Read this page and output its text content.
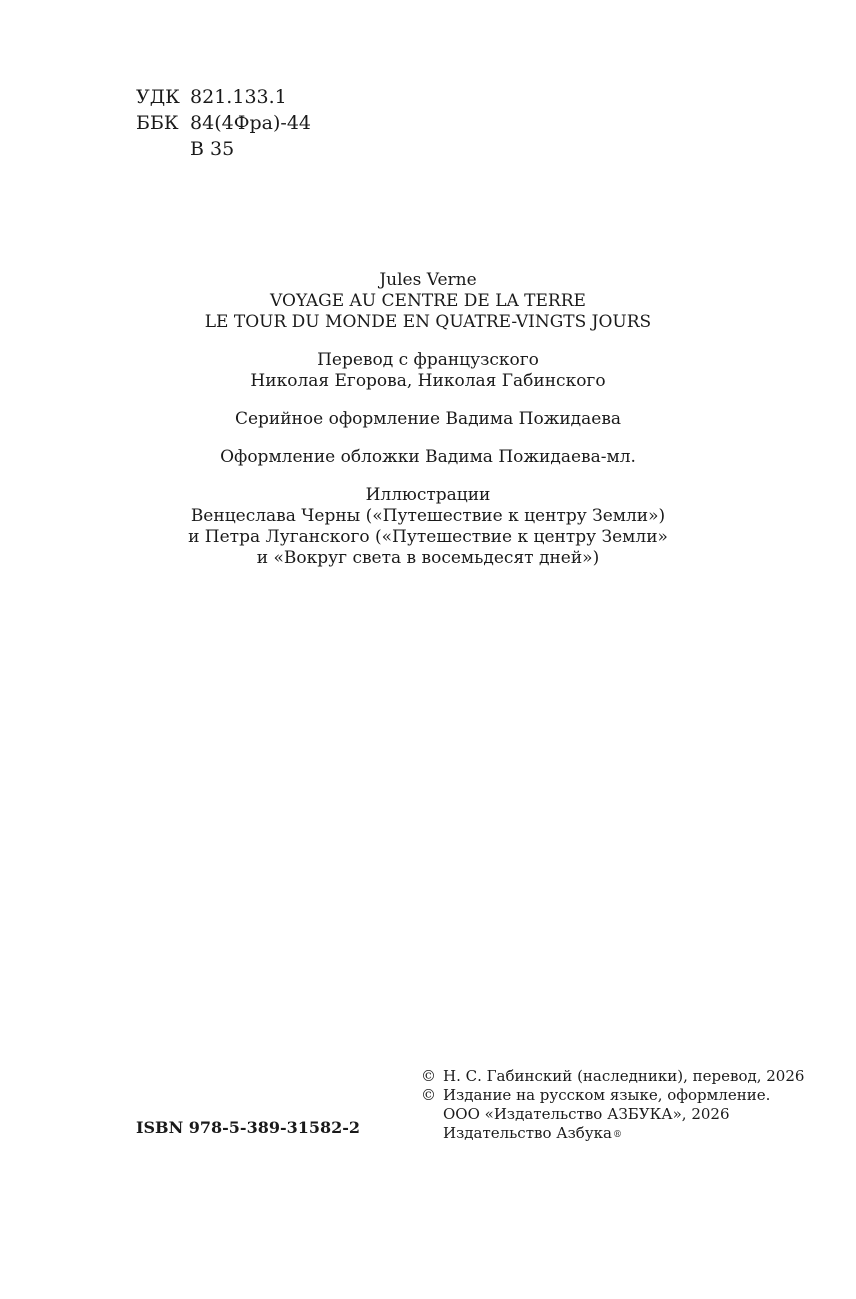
УДК 821.133.1
ББК 84(4Фра)-44
В 35
Jules Verne
VOYAGE AU CENTRE DE LA TERRE
LE TOUR DU MONDE EN QUATRE-VINGTS JOURS
Перевод с французского
Николая Егорова, Николая Габинского
Серийное оформление Вадима Пожидаева
Оформление обложки Вадима Пожидаева-мл.
Иллюстрации
Венцеслава Черны («Путешествие к центру Земли»)
и Петра Луганского («Путешествие к центру Земли»
и «Вокруг света в восемьдесят дней»)
ISBN 978-5-389-31582-2
© Н. С. Габинский (наследники), перевод, 2026
© Издание на русском языке, оформление.
ООО «Издательство АЗБУКА», 2026
Издательство Азбука®
